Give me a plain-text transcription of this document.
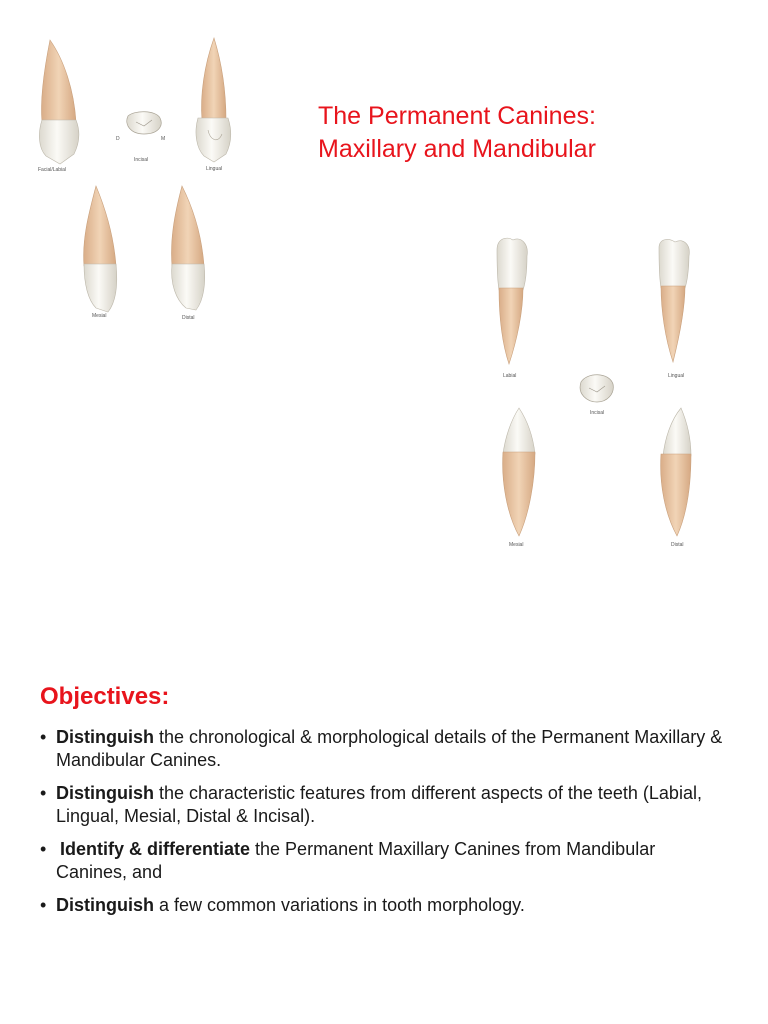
Facial/Labial
D	M
Incisal
Lingual
Mesial	Distal
The Permanent Canines:
Maxillary and Mandibular
Labial	Lingual
Incisal
Mesial	Distal
Objectives:
• Distinguish the chronological & morphological details of the Permanent Maxillary & Mandibular Canines.
• Distinguish the characteristic features from different aspects of the teeth (Labial, Lingual, Mesial, Distal & Incisal).
• Identify & differentiate the Permanent Maxillary Canines from Mandibular Canines, and
• Distinguish a few common variations in tooth morphology.
